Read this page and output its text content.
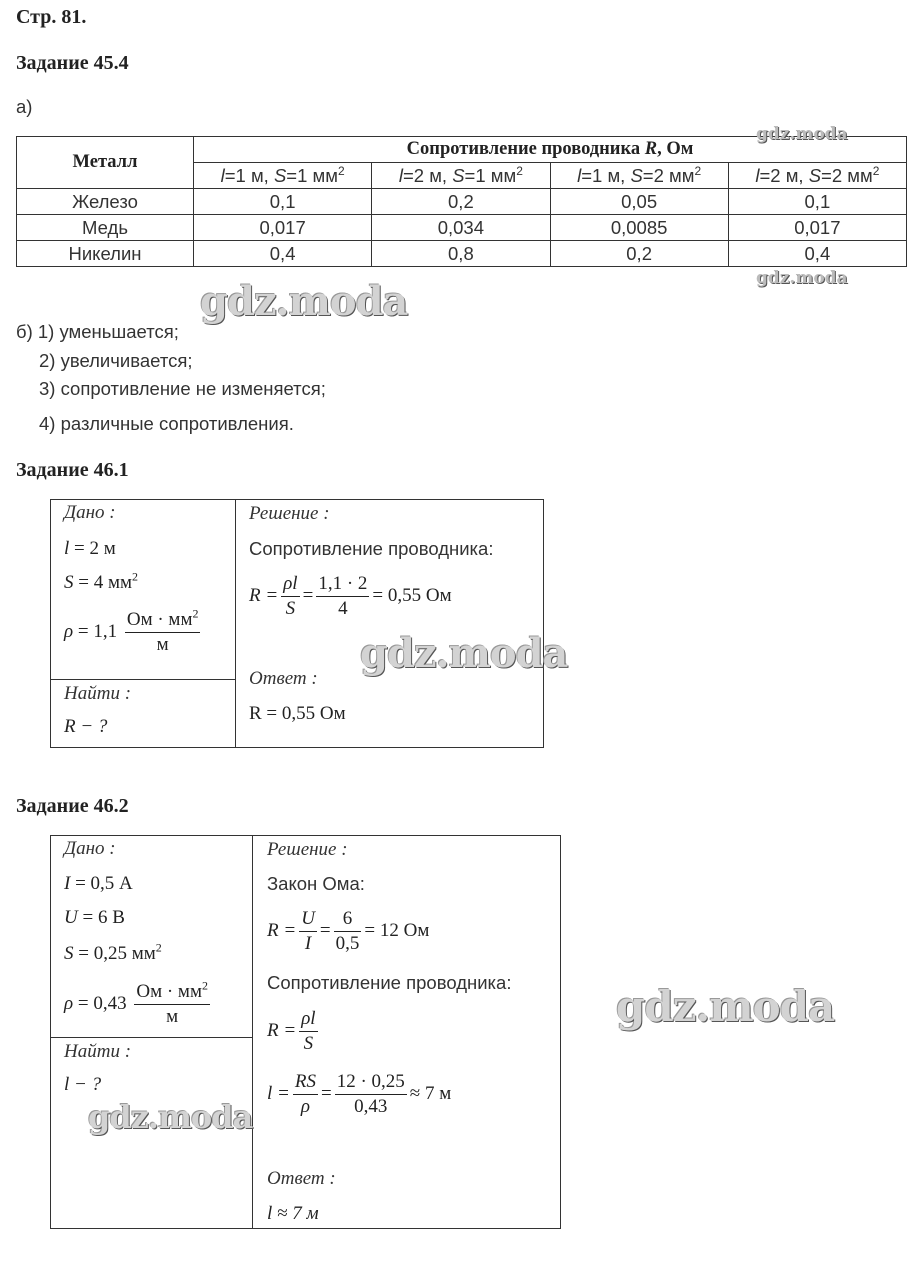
Стр. 81.
Задание 45.4
а)
Металл	Сопротивление проводника R, Ом			
	l=1 м, S=1 $мм^2$	l=2 м, S=1 $мм^2$	l=1 м, S=2 $мм^2$	l=2 м, S=2 $мм^2$
Железо	0,1	0,2	0,05	0,1
Медь	0,017	0,034	0,0085	0,017
Никелин	0,4	0,8	0,2	0,4
б) 1) уменьшается;
2) увеличивается;
3) сопротивление не изменяется;
4) различные сопротивления.
Задание 46.1
Дано :
l = 2 м
S = 4 $мм^2$
$\rho = 1,1 \frac{Ом \cdot мм^2}{м}$
Найти :
R − ?
Решение :
Сопротивление проводника:
$R = \frac{\rho l}{S} = \frac{1,1 \cdot 2}{4} = 0,55$ Ом
Ответ :
R = 0,55 Ом
Задание 46.2
Дано :
I = 0,5 А
U = 6 В
S = 0,25 $мм^2$
$\rho = 0,43 \frac{Ом \cdot мм^2}{м}$
Найти :
l − ?
Решение :
Закон Ома:
$R = \frac{U}{I} = \frac{6}{0,5} = 12$ Ом
Сопротивление проводника:
$R = \frac{\rho l}{S}$
$l = \frac{RS}{\rho} = \frac{12 \cdot 0,25}{0,43} \approx 7$ м
Ответ :
l ≈ 7 м
gdz.moda
gdz.moda
gdz.moda
gdz.moda
gdz.moda
gdz.moda
